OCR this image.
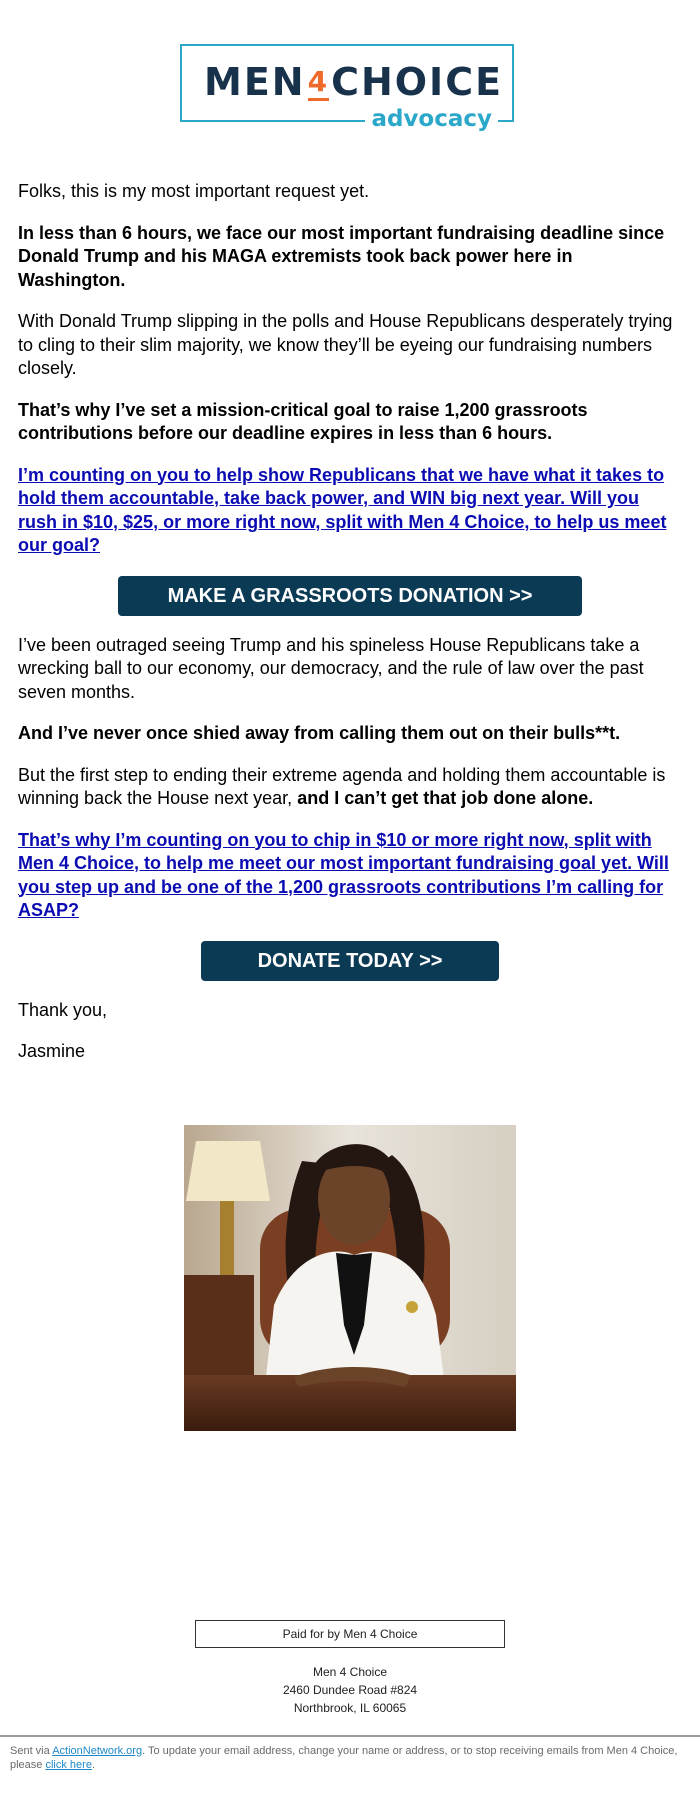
MEN4CHOICE
advocacy

Folks, this is my most important request yet.

In less than 6 hours, we face our most important fundraising deadline since Donald Trump and his MAGA extremists took back power here in Washington.

With Donald Trump slipping in the polls and House Republicans desperately trying to cling to their slim majority, we know they’ll be eyeing our fundraising numbers closely.

That’s why I’ve set a mission-critical goal to raise 1,200 grassroots contributions before our deadline expires in less than 6 hours.

I’m counting on you to help show Republicans that we have what it takes to hold them accountable, take back power, and WIN big next year. Will you rush in $10, $25, or more right now, split with Men 4 Choice, to help us meet our goal?
MAKE A GRASSROOTS DONATION >>

I’ve been outraged seeing Trump and his spineless House Republicans take a wrecking ball to our economy, our democracy, and the rule of law over the past seven months.

And I’ve never once shied away from calling them out on their bulls**t.

But the first step to ending their extreme agenda and holding them accountable is winning back the House next year, and I can’t get that job done alone.

That’s why I’m counting on you to chip in $10 or more right now, split with Men 4 Choice, to help me meet our most important fundraising goal yet. Will you step up and be one of the 1,200 grassroots contributions I’m calling for ASAP?
DONATE TODAY >>

Thank you,

Jasmine

Paid for by Men 4 Choice
Men 4 Choice
2460 Dundee Road #824
Northbrook, IL 60065
Sent via ActionNetwork.org. To update your email address, change your name or address, or to stop receiving emails from Men 4 Choice, please click here.
